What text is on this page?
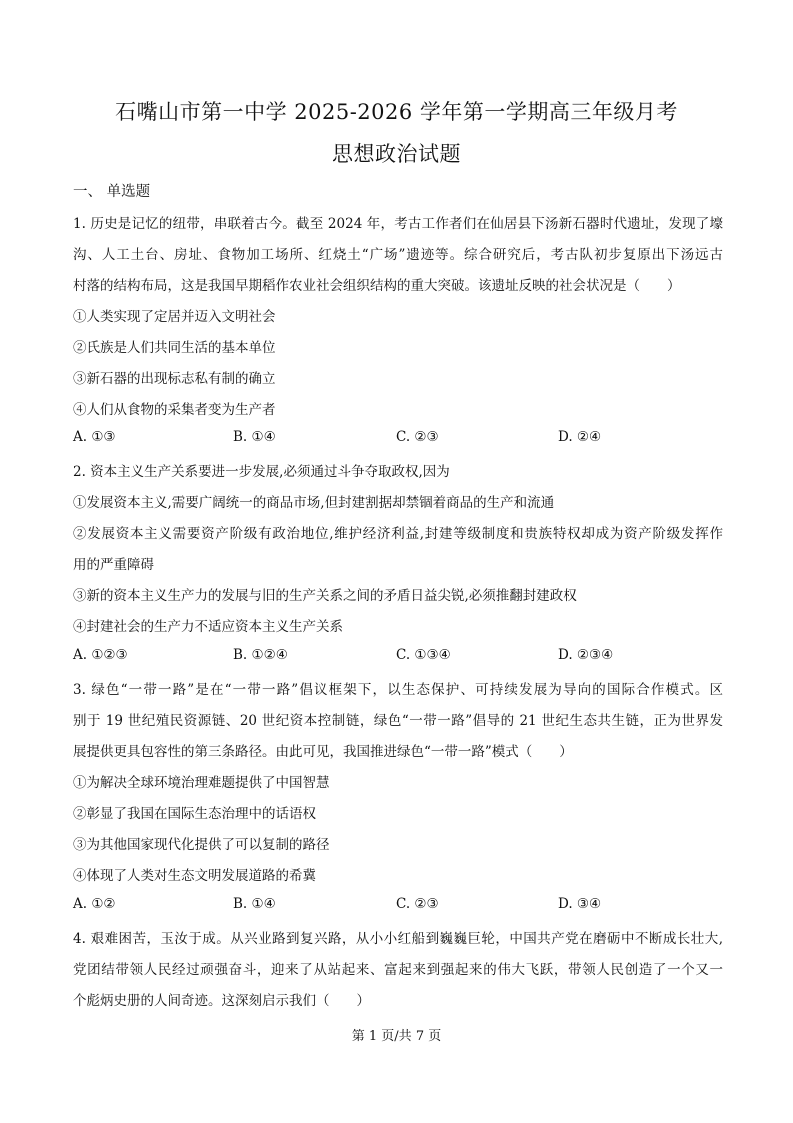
石嘴山市第一中学 2025-2026 学年第一学期高三年级月考
思想政治试题
一、 单选题
1. 历史是记忆的纽带，串联着古今。截至 2024 年，考古工作者们在仙居县下汤新石器时代遗址，发现了壕
沟、人工土台、房址、食物加工场所、红烧土“广场”遗迹等。综合研究后，考古队初步复原出下汤远古
村落的结构布局，这是我国早期稻作农业社会组织结构的重大突破。该遗址反映的社会状况是（　　）
①人类实现了定居并迈入文明社会
②氏族是人们共同生活的基本单位
③新石器的出现标志私有制的确立
④人们从食物的采集者变为生产者
A. ①③	B. ①④	C. ②③	D. ②④
2. 资本主义生产关系要进一步发展,必须通过斗争夺取政权,因为
①发展资本主义,需要广阔统一的商品市场,但封建割据却禁锢着商品的生产和流通
②发展资本主义需要资产阶级有政治地位,维护经济利益,封建等级制度和贵族特权却成为资产阶级发挥作
用的严重障碍
③新的资本主义生产力的发展与旧的生产关系之间的矛盾日益尖锐,必须推翻封建政权
④封建社会的生产力不适应资本主义生产关系
A. ①②③	B. ①②④	C. ①③④	D. ②③④
3. 绿色“一带一路”是在“一带一路”倡议框架下，以生态保护、可持续发展为导向的国际合作模式。区
别于 19 世纪殖民资源链、20 世纪资本控制链，绿色“一带一路”倡导的 21 世纪生态共生链，正为世界发
展提供更具包容性的第三条路径。由此可见，我国推进绿色“一带一路”模式（　　）
①为解决全球环境治理难题提供了中国智慧
②彰显了我国在国际生态治理中的话语权
③为其他国家现代化提供了可以复制的路径
④体现了人类对生态文明发展道路的希冀
A. ①②	B. ①④	C. ②③	D. ③④
4. 艰难困苦，玉汝于成。从兴业路到复兴路，从小小红船到巍巍巨轮，中国共产党在磨砺中不断成长壮大,
党团结带领人民经过顽强奋斗，迎来了从站起来、富起来到强起来的伟大飞跃，带领人民创造了一个又一
个彪炳史册的人间奇迹。这深刻启示我们（　　）
第 1 页/共 7 页
